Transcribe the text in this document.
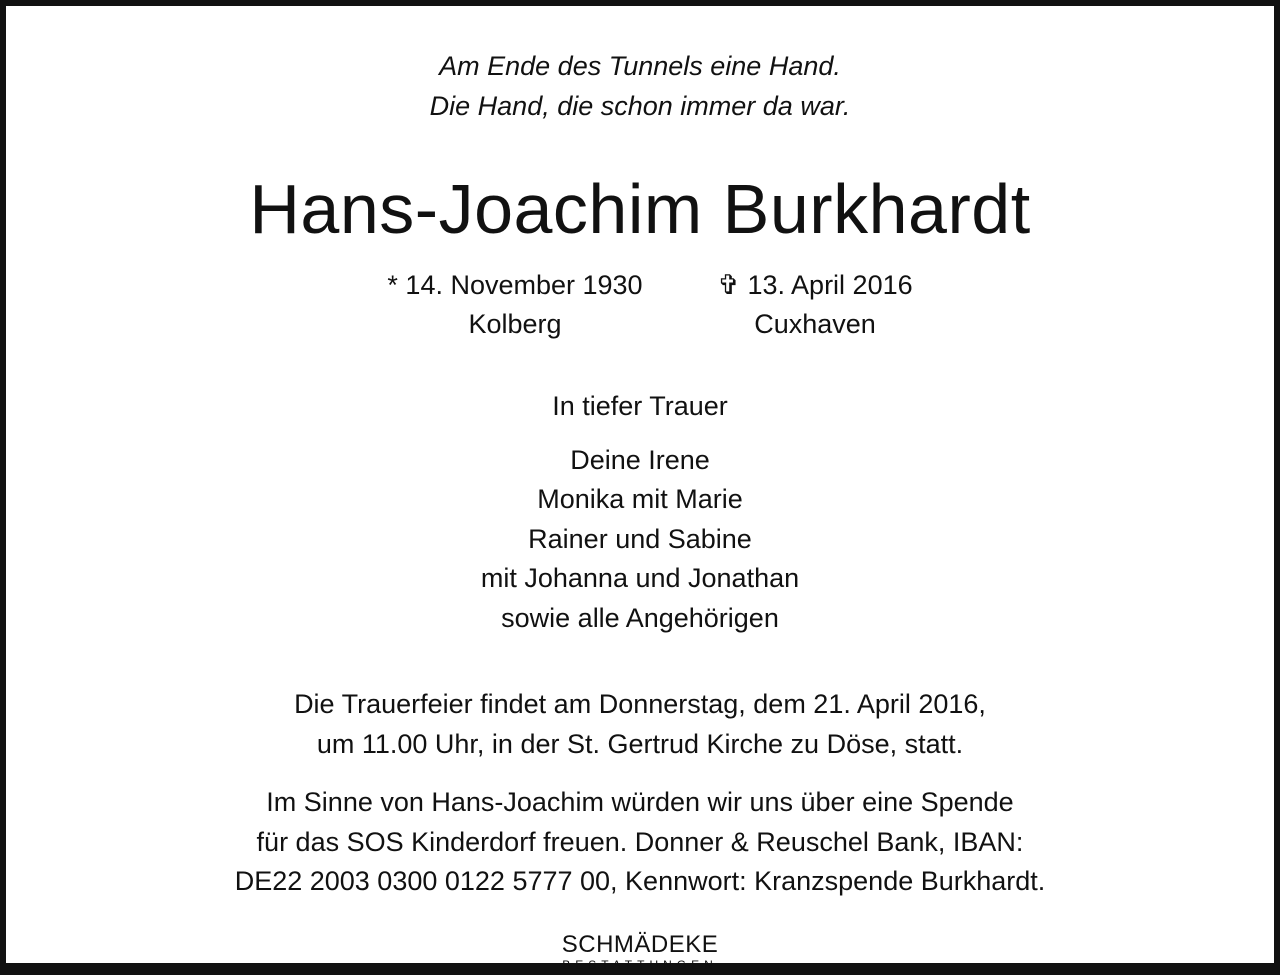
Am Ende des Tunnels eine Hand.
Die Hand, die schon immer da war.
Hans-Joachim Burkhardt
* 14. November 1930
Kolberg
✞ 13. April 2016
Cuxhaven
In tiefer Trauer
Deine Irene
Monika mit Marie
Rainer und Sabine
mit Johanna und Jonathan
sowie alle Angehörigen
Die Trauerfeier findet am Donnerstag, dem 21. April 2016,
um 11.00 Uhr, in der St. Gertrud Kirche zu Döse, statt.
Im Sinne von Hans-Joachim würden wir uns über eine Spende
für das SOS Kinderdorf freuen. Donner & Reuschel Bank, IBAN:
DE22 2003 0300 0122 5777 00, Kennwort: Kranzspende Burkhardt.
SCHMÄDEKE
BESTATTUNGEN
